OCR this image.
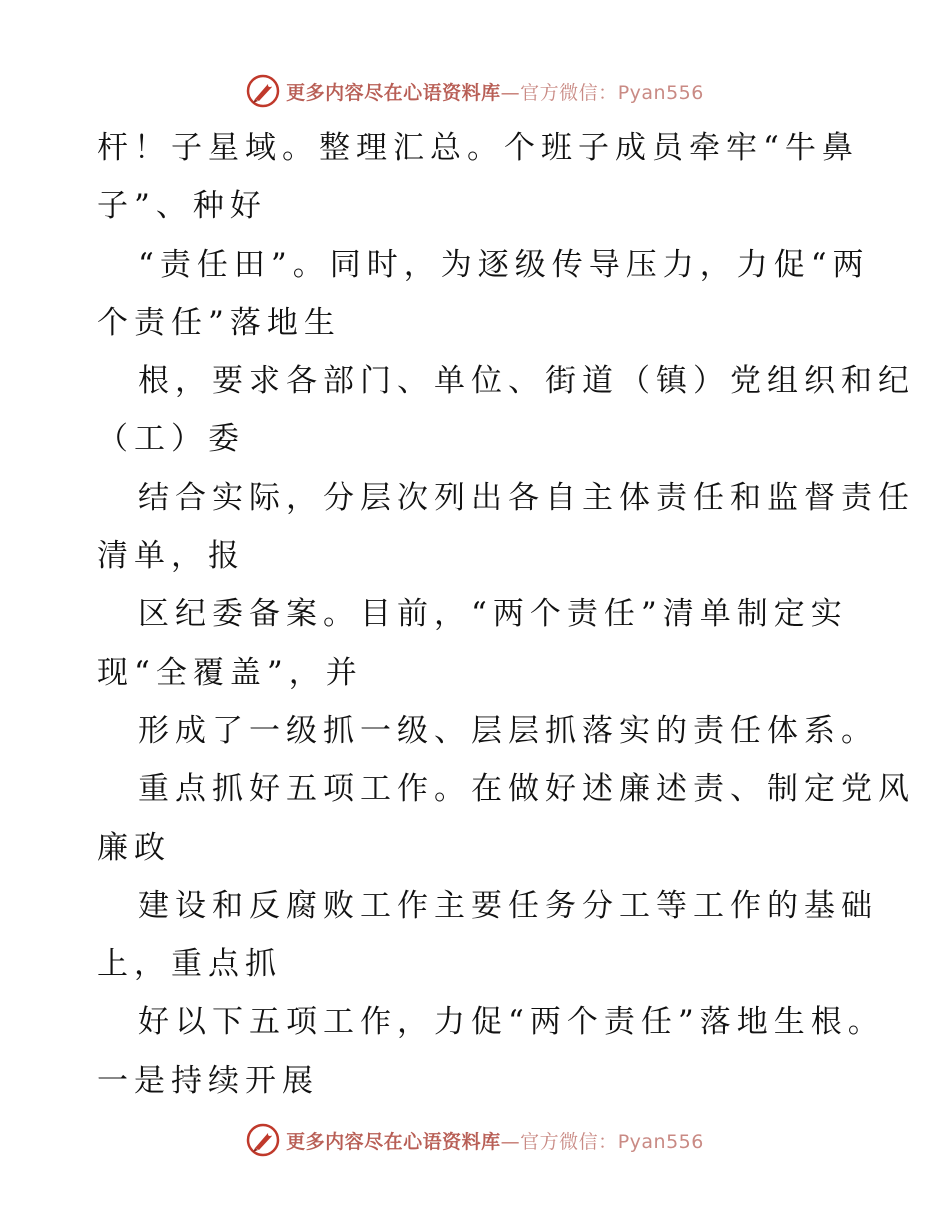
更多内容尽在心语资料库—官方微信：Pyan556
杆！子星域。整理汇总。个班子成员牵牢“牛鼻
子”、种好
“责任田”。同时，为逐级传导压力，力促“两
个责任”落地生
根，要求各部门、单位、街道（镇）党组织和纪
（工）委
结合实际，分层次列出各自主体责任和监督责任
清单，报
区纪委备案。目前，“两个责任”清单制定实
现“全覆盖”，并
形成了一级抓一级、层层抓落实的责任体系。
重点抓好五项工作。在做好述廉述责、制定党风
廉政
建设和反腐败工作主要任务分工等工作的基础
上，重点抓
好以下五项工作，力促“两个责任”落地生根。
一是持续开展
更多内容尽在心语资料库—官方微信：Pyan556
